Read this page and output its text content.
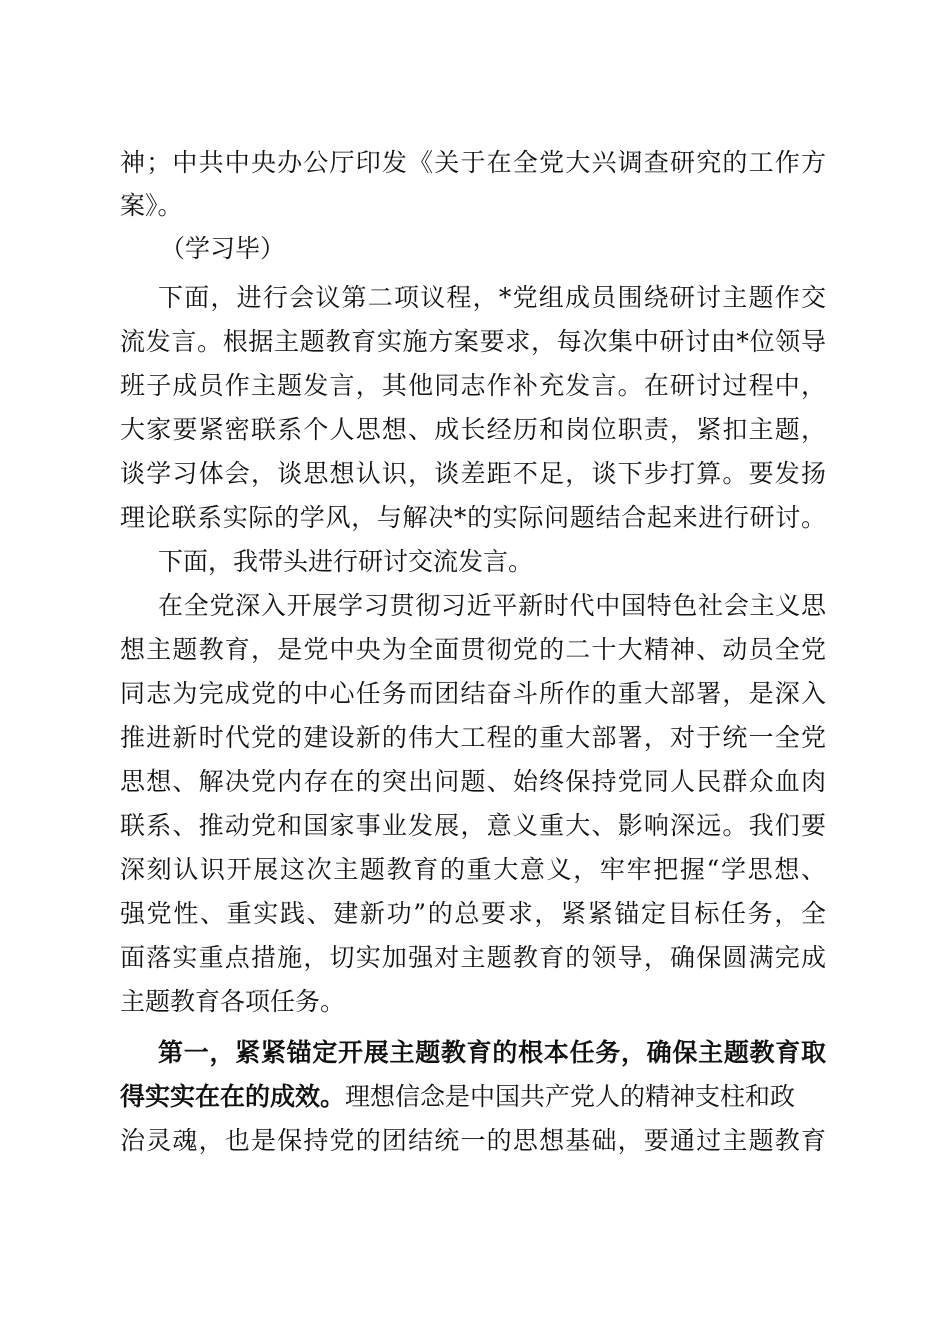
神；中共中央办公厅印发《关于在全党大兴调查研究的工作方
案》。
（学习毕）
下面，进行会议第二项议程，*党组成员围绕研讨主题作交
流发言。根据主题教育实施方案要求，每次集中研讨由*位领导
班子成员作主题发言，其他同志作补充发言。在研讨过程中，
大家要紧密联系个人思想、成长经历和岗位职责，紧扣主题，
谈学习体会，谈思想认识，谈差距不足，谈下步打算。要发扬
理论联系实际的学风，与解决*的实际问题结合起来进行研讨。
下面，我带头进行研讨交流发言。
在全党深入开展学习贯彻习近平新时代中国特色社会主义思
想主题教育，是党中央为全面贯彻党的二十大精神、动员全党
同志为完成党的中心任务而团结奋斗所作的重大部署，是深入
推进新时代党的建设新的伟大工程的重大部署，对于统一全党
思想、解决党内存在的突出问题、始终保持党同人民群众血肉
联系、推动党和国家事业发展，意义重大、影响深远。我们要
深刻认识开展这次主题教育的重大意义，牢牢把握“学思想、
强党性、重实践、建新功”的总要求，紧紧锚定目标任务，全
面落实重点措施，切实加强对主题教育的领导，确保圆满完成
主题教育各项任务。
第一，紧紧锚定开展主题教育的根本任务，确保主题教育取
得实实在在的成效。理想信念是中国共产党人的精神支柱和政
治灵魂，也是保持党的团结统一的思想基础，要通过主题教育
